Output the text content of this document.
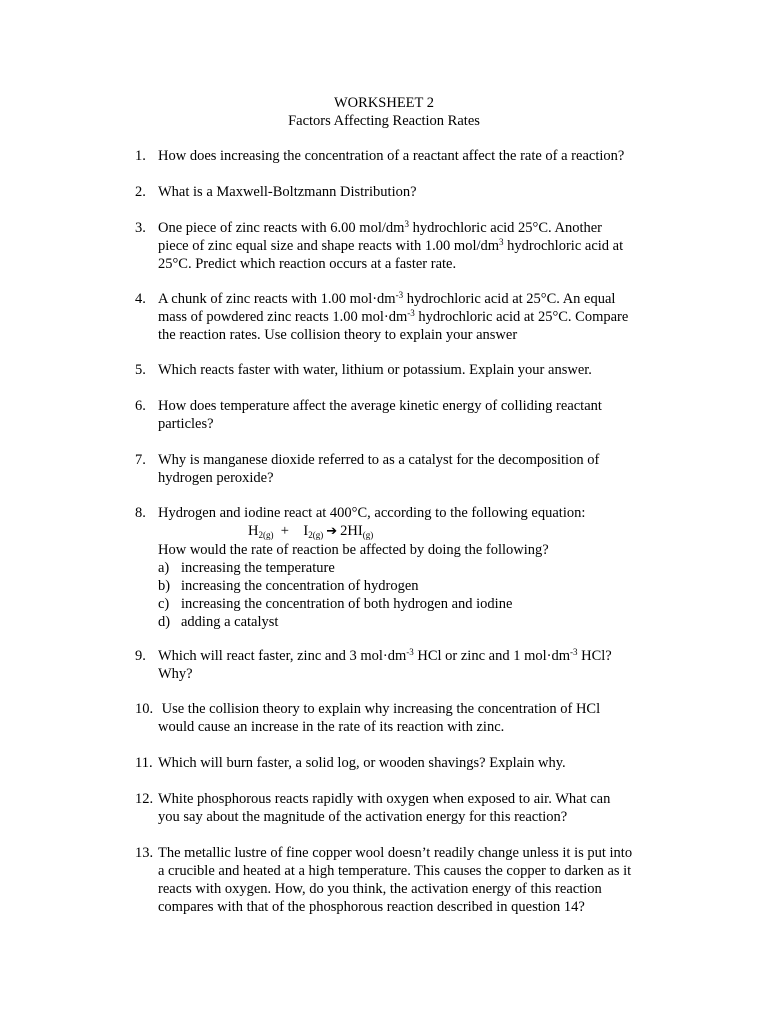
WORKSHEET 2
Factors Affecting Reaction Rates
1. How does increasing the concentration of a reactant affect the rate of a reaction?
2. What is a Maxwell-Boltzmann Distribution?
3. One piece of zinc reacts with 6.00 mol/$dm^3$ hydrochloric acid 25°C. Another
piece of zinc equal size and shape reacts with 1.00 mol/$dm^3$ hydrochloric acid at
25°C. Predict which reaction occurs at a faster rate.
4. A chunk of zinc reacts with 1.00 $mol\cdot dm^{-3}$ hydrochloric acid at 25°C. An equal
mass of powdered zinc reacts 1.00 $mol\cdot dm^{-3}$ hydrochloric acid at 25°C. Compare
the reaction rates. Use collision theory to explain your answer
5. Which reacts faster with water, lithium or potassium. Explain your answer.
6. How does temperature affect the average kinetic energy of colliding reactant
particles?
7. Why is manganese dioxide referred to as a catalyst for the decomposition of
hydrogen peroxide?
8. Hydrogen and iodine react at 400°C, according to the following equation:
$H_{2(g)}$  +    $I_{2(g)}$ ➔ $2HI_{(g)}$
How would the rate of reaction be affected by doing the following?
a) increasing the temperature
b) increasing the concentration of hydrogen
c) increasing the concentration of both hydrogen and iodine
d) adding a catalyst
9. Which will react faster, zinc and 3 $mol\cdot dm^{-3}$ HCl or zinc and 1 $mol\cdot dm^{-3}$ HCl?
Why?
10. Use the collision theory to explain why increasing the concentration of HCl
would cause an increase in the rate of its reaction with zinc.
11. Which will burn faster, a solid log, or wooden shavings? Explain why.
12. White phosphorous reacts rapidly with oxygen when exposed to air. What can
you say about the magnitude of the activation energy for this reaction?
13. The metallic lustre of fine copper wool doesn’t readily change unless it is put into
a crucible and heated at a high temperature. This causes the copper to darken as it
reacts with oxygen. How, do you think, the activation energy of this reaction
compares with that of the phosphorous reaction described in question 14?
